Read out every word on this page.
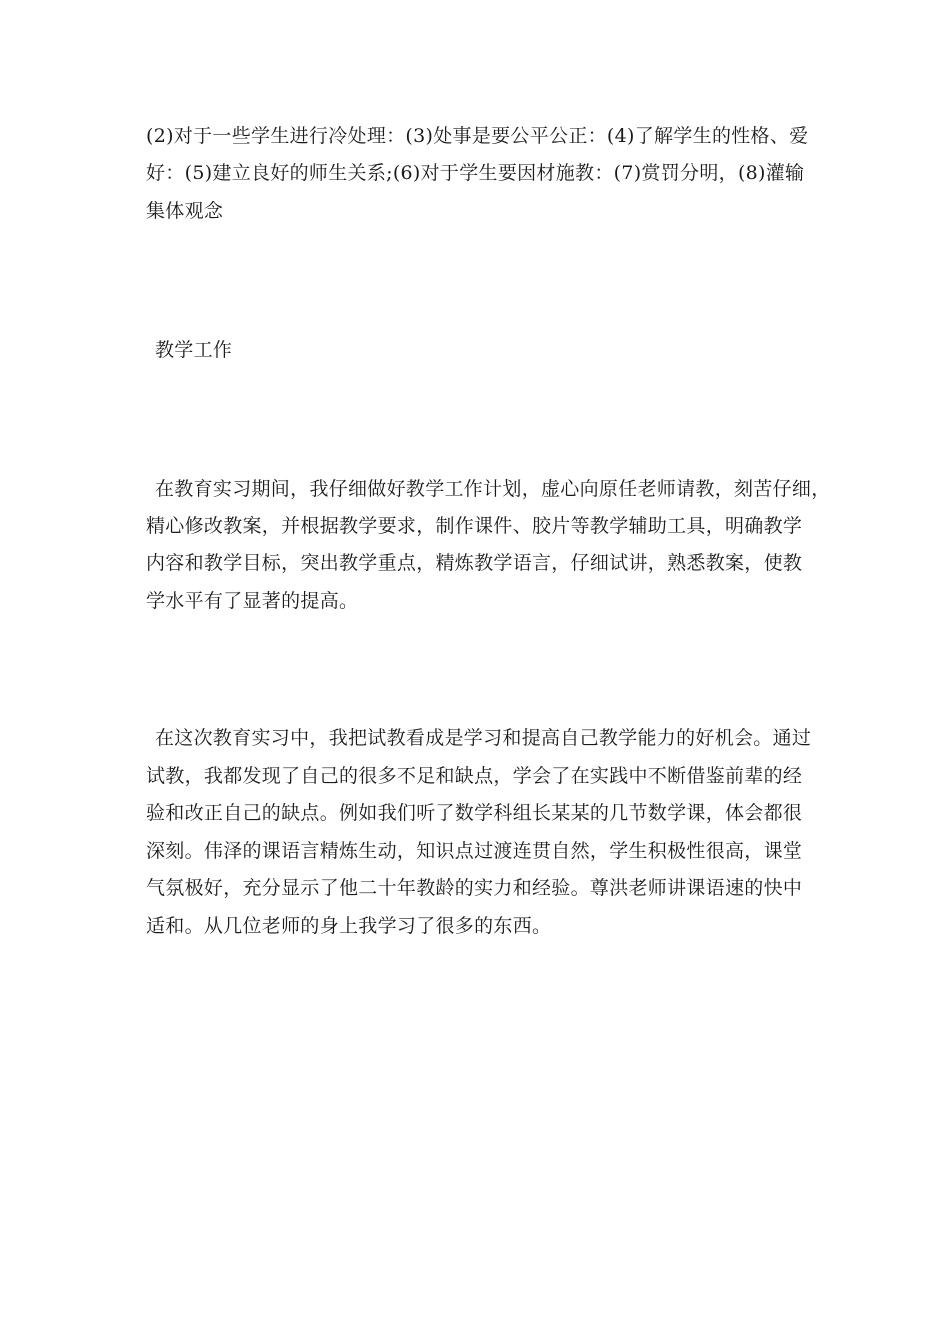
(2)对于一些学生进行冷处理：(3)处事是要公平公正：(4)了解学生的性格、爱
好：(5)建立良好的师生关系;(6)对于学生要因材施教：(7)赏罚分明，(8)灌输
集体观念
教学工作
在教育实习期间，我仔细做好教学工作计划，虚心向原任老师请教，刻苦仔细，
精心修改教案，并根据教学要求，制作课件、胶片等教学辅助工具，明确教学
内容和教学目标，突出教学重点，精炼教学语言，仔细试讲，熟悉教案，使教
学水平有了显著的提高。
在这次教育实习中，我把试教看成是学习和提高自己教学能力的好机会。通过
试教，我都发现了自己的很多不足和缺点，学会了在实践中不断借鉴前辈的经
验和改正自己的缺点。例如我们听了数学科组长某某的几节数学课，体会都很
深刻。伟泽的课语言精炼生动，知识点过渡连贯自然，学生积极性很高，课堂
气氛极好，充分显示了他二十年教龄的实力和经验。尊洪老师讲课语速的快中
适和。从几位老师的身上我学习了很多的东西。
